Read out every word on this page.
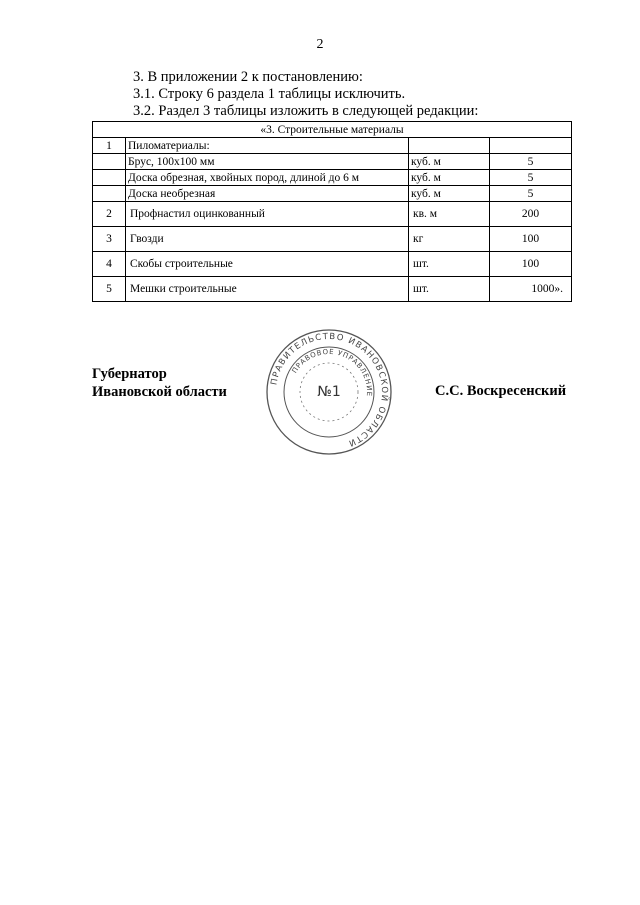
2
3. В приложении 2 к постановлению:
3.1. Строку 6 раздела 1 таблицы исключить.
3.2. Раздел 3 таблицы изложить в следующей редакции:
«3. Строительные материалы			
1	Пиломатериалы:		
	Брус, 100х100 мм	куб. м	5
	Доска обрезная, хвойных пород, длиной до 6 м	куб. м	5
	Доска необрезная	куб. м	5
2	Профнастил оцинкованный	кв. м	200
3	Гвозди	кг	100
4	Скобы строительные	шт.	100
5	Мешки строительные	шт.	1000».
Губернатор
Ивановской области	С.С. Воскресенский
ПРАВИТЕЛЬСТВО ИВАНОВСКОЙ ОБЛАСТИ
ПРАВОВОЕ УПРАВЛЕНИЕ
№1
